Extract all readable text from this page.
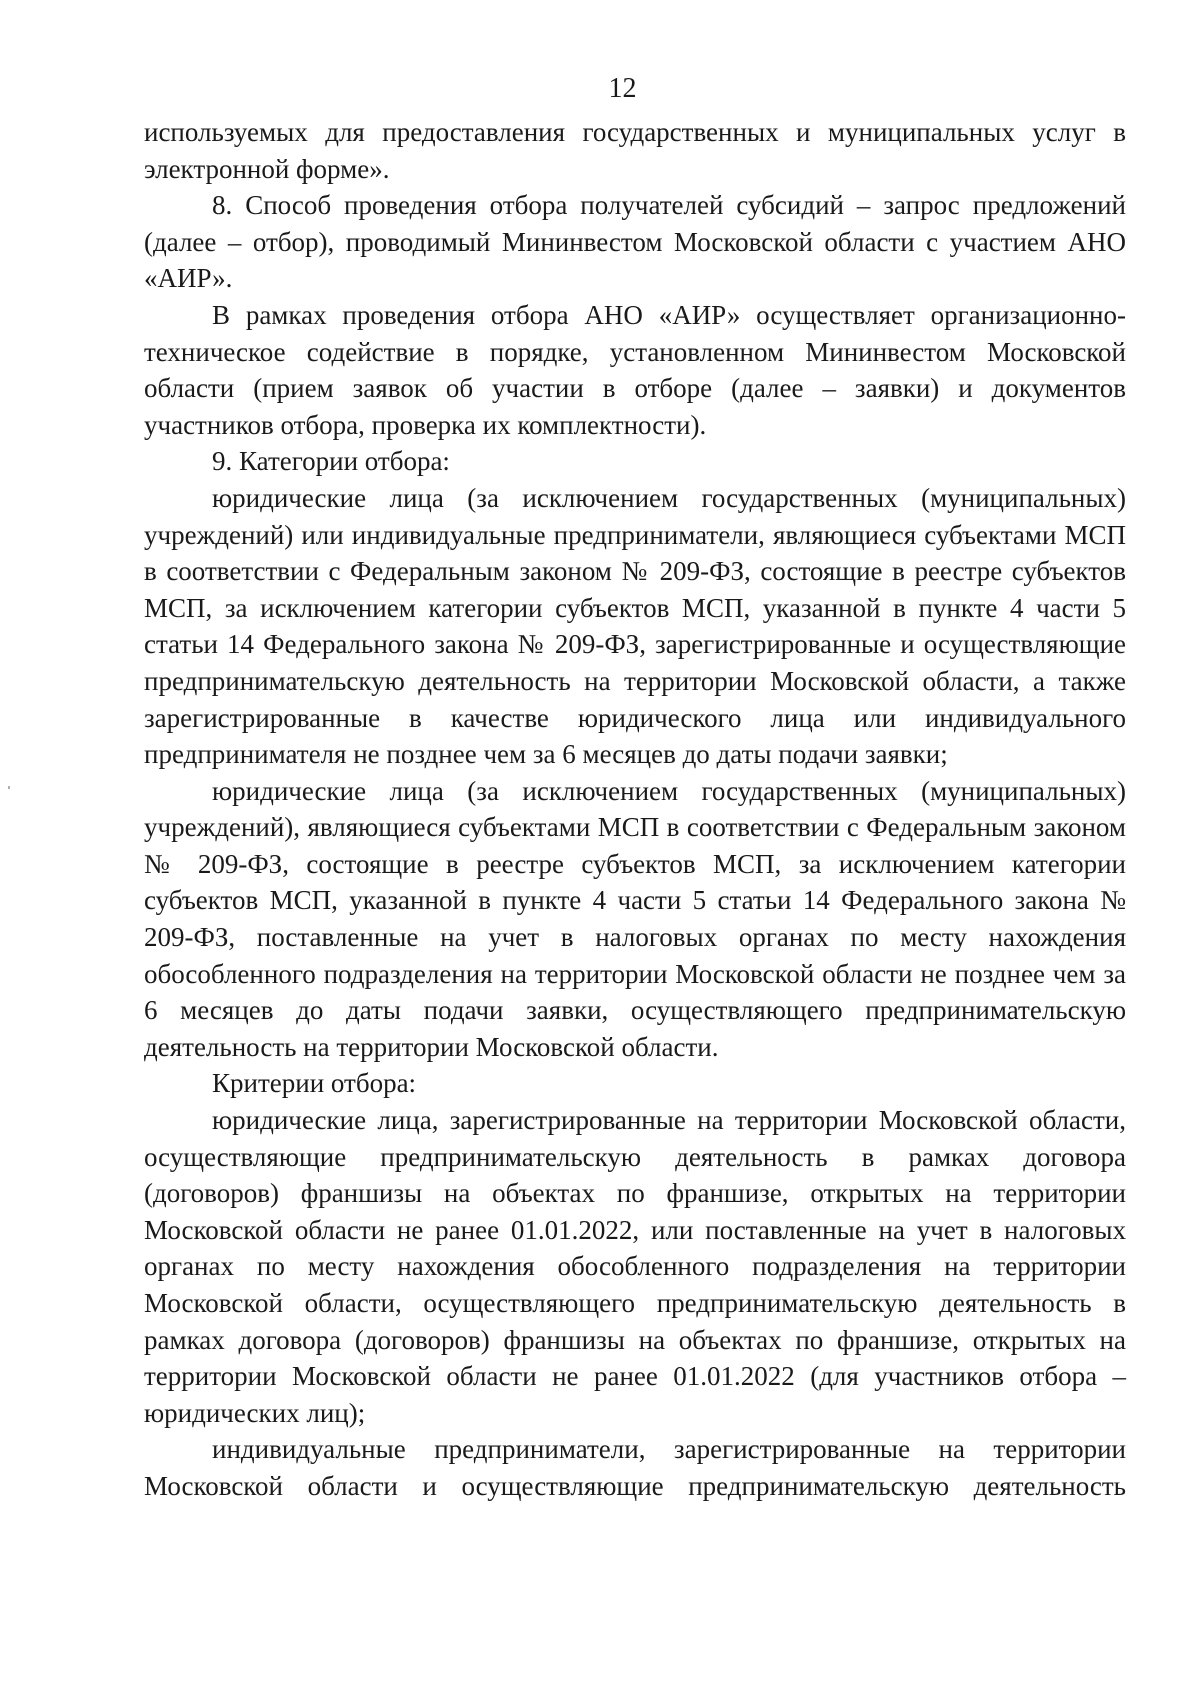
12

используемых для предоставления государственных и муниципальных услуг в электронной форме».

8. Способ проведения отбора получателей субсидий – запрос предложений (далее – отбор), проводимый Мининвестом Московской области с участием АНО «АИР».

В рамках проведения отбора АНО «АИР» осуществляет организационно-техническое содействие в порядке, установленном Мининвестом Московской области (прием заявок об участии в отборе (далее – заявки) и документов участников отбора, проверка их комплектности).

9. Категории отбора:

юридические лица (за исключением государственных (муниципальных) учреждений) или индивидуальные предприниматели, являющиеся субъектами МСП в соответствии с Федеральным законом № 209-ФЗ, состоящие в реестре субъектов МСП, за исключением категории субъектов МСП, указанной в пункте 4 части 5 статьи 14 Федерального закона № 209-ФЗ, зарегистрированные и осуществляющие предпринимательскую деятельность на территории Московской области, а также зарегистрированные в качестве юридического лица или индивидуального предпринимателя не позднее чем за 6 месяцев до даты подачи заявки;

юридические лица (за исключением государственных (муниципальных) учреждений), являющиеся субъектами МСП в соответствии с Федеральным законом № 209-ФЗ, состоящие в реестре субъектов МСП, за исключением категории субъектов МСП, указанной в пункте 4 части 5 статьи 14 Федерального закона № 209-ФЗ, поставленные на учет в налоговых органах по месту нахождения обособленного подразделения на территории Московской области не позднее чем за 6 месяцев до даты подачи заявки, осуществляющего предпринимательскую деятельность на территории Московской области.

Критерии отбора:

юридические лица, зарегистрированные на территории Московской области, осуществляющие предпринимательскую деятельность в рамках договора (договоров) франшизы на объектах по франшизе, открытых на территории Московской области не ранее 01.01.2022, или поставленные на учет в налоговых органах по месту нахождения обособленного подразделения на территории Московской области, осуществляющего предпринимательскую деятельность в рамках договора (договоров) франшизы на объектах по франшизе, открытых на территории Московской области не ранее 01.01.2022 (для участников отбора – юридических лиц);

индивидуальные предприниматели, зарегистрированные на территории Московской области и осуществляющие предпринимательскую деятельность
